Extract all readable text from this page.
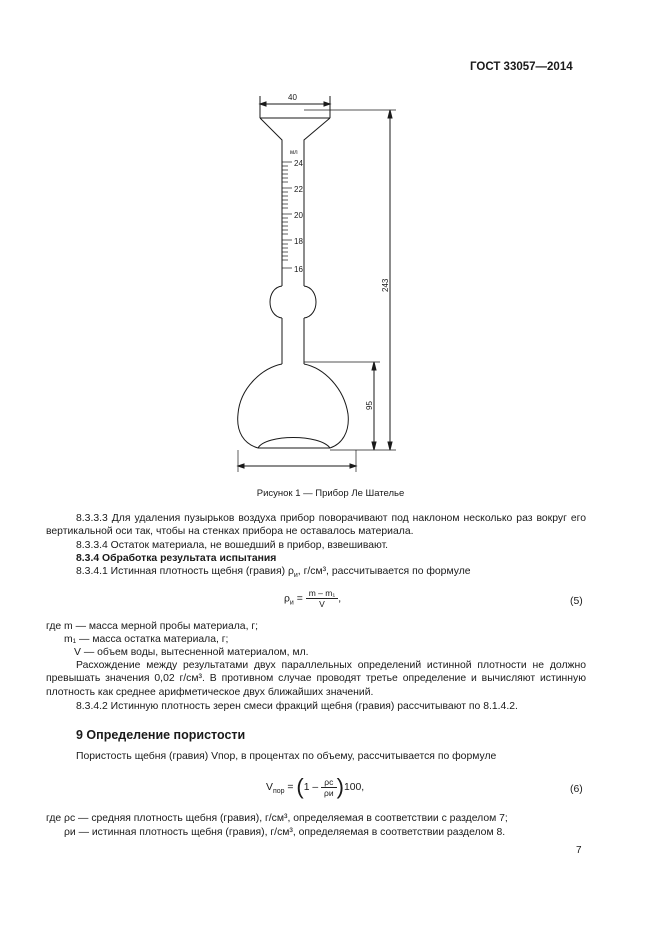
ГОСТ 33057—2014
40
мл
24
22
20
18
16
243
95
Рисунок 1 — Прибор Ле Шателье
8.3.3.3 Для удаления пузырьков воздуха прибор поворачивают под наклоном несколько раз вокруг его вертикальной оси так, чтобы на стенках прибора не оставалось материала.
8.3.3.4 Остаток материала, не вошедший в прибор, взвешивают.
8.3.4 Обработка результата испытания
8.3.4.1 Истинная плотность щебня (гравия) $\rho_и$, г/см³, рассчитывается по формуле
$\rho_и = \frac{\text{m – m₁}}{V}$ ,	(5)
где m — масса мерной пробы материала, г;
m₁ — масса остатка материала, г;
V — объем воды, вытесненной материалом, мл.
Расхождение между результатами двух параллельных определений истинной плотности не должно превышать значения 0,02 г/см³. В противном случае проводят третье определение и вычисляют истинную плотность как среднее арифметическое двух ближайших значений.
8.3.4.2 Истинную плотность зерен смеси фракций щебня (гравия) рассчитывают по 8.1.4.2.
9 Определение пористости
Пористость щебня (гравия) Vпор, в процентах по объему, рассчитывается по формуле
$V_{пор} = (1 - \frac{\rho с}{\rho и} )100$,	(6)
где ρс — средняя плотность щебня (гравия), г/см³, определяемая в соответствии с разделом 7;
ρи — истинная плотность щебня (гравия), г/см³, определяемая в соответствии разделом 8.
7
